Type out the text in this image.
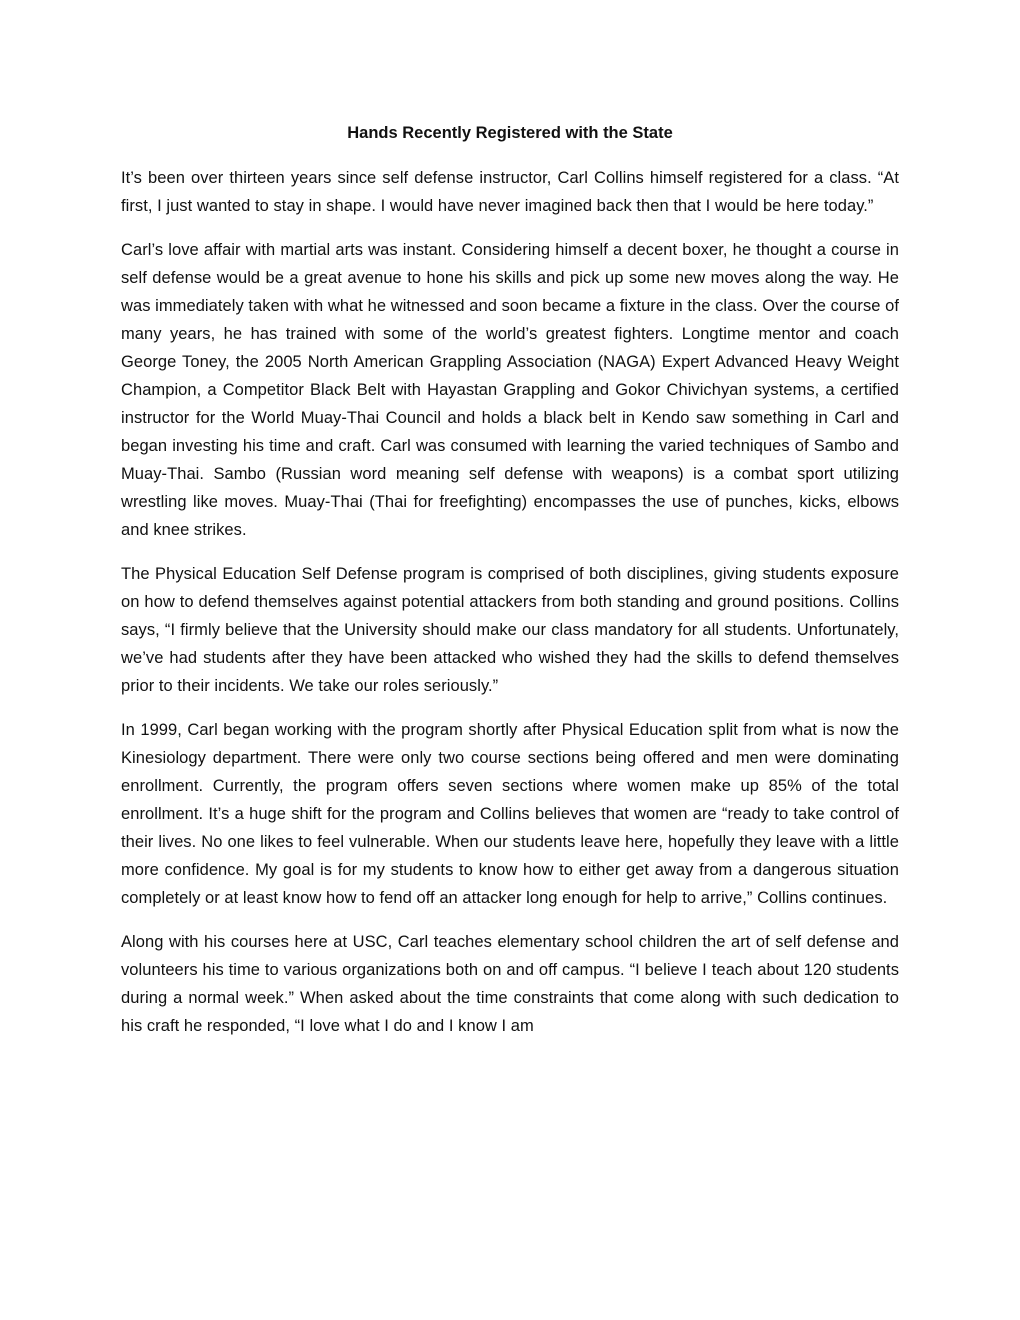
Hands Recently Registered with the State

It’s been over thirteen years since self defense instructor, Carl Collins himself registered for a class. “At first, I just wanted to stay in shape. I would have never imagined back then that I would be here today.”

Carl’s love affair with martial arts was instant. Considering himself a decent boxer, he thought a course in self defense would be a great avenue to hone his skills and pick up some new moves along the way. He was immediately taken with what he witnessed and soon became a fixture in the class. Over the course of many years, he has trained with some of the world’s greatest fighters. Longtime mentor and coach George Toney, the 2005 North American Grappling Association (NAGA) Expert Advanced Heavy Weight Champion, a Competitor Black Belt with Hayastan Grappling and Gokor Chivichyan systems, a certified instructor for the World Muay-Thai Council and holds a black belt in Kendo saw something in Carl and began investing his time and craft. Carl was consumed with learning the varied techniques of Sambo and Muay-Thai. Sambo (Russian word meaning self defense with weapons) is a combat sport utilizing wrestling like moves. Muay-Thai (Thai for freefighting) encompasses the use of punches, kicks, elbows and knee strikes.

The Physical Education Self Defense program is comprised of both disciplines, giving students exposure on how to defend themselves against potential attackers from both standing and ground positions. Collins says, “I firmly believe that the University should make our class mandatory for all students. Unfortunately, we’ve had students after they have been attacked who wished they had the skills to defend themselves prior to their incidents. We take our roles seriously.”

In 1999, Carl began working with the program shortly after Physical Education split from what is now the Kinesiology department. There were only two course sections being offered and men were dominating enrollment. Currently, the program offers seven sections where women make up 85% of the total enrollment. It’s a huge shift for the program and Collins believes that women are “ready to take control of their lives. No one likes to feel vulnerable. When our students leave here, hopefully they leave with a little more confidence. My goal is for my students to know how to either get away from a dangerous situation completely or at least know how to fend off an attacker long enough for help to arrive,” Collins continues.

Along with his courses here at USC, Carl teaches elementary school children the art of self defense and volunteers his time to various organizations both on and off campus. “I believe I teach about 120 students during a normal week.” When asked about the time constraints that come along with such dedication to his craft he responded, “I love what I do and I know I am
